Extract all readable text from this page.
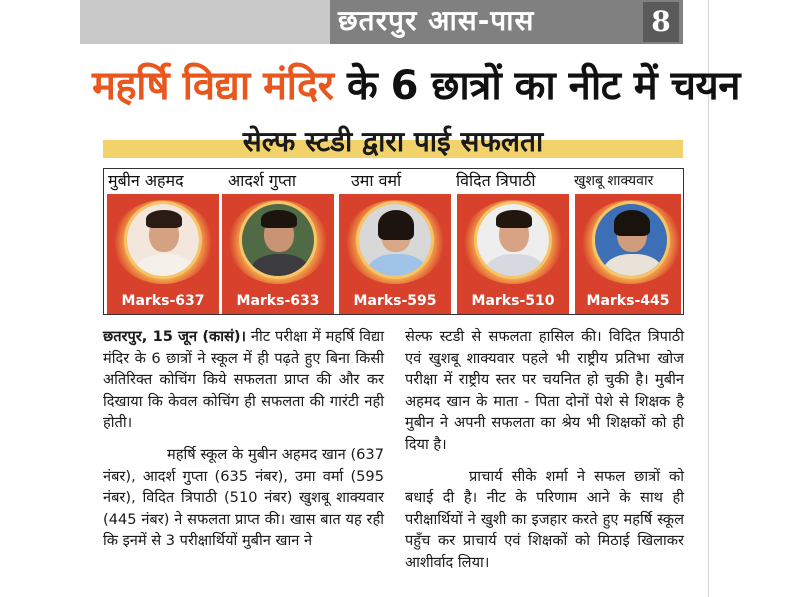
छतरपुर आस-पास	8
महर्षि विद्या मंदिर के 6 छात्रों का नीट में चयन
सेल्फ स्टडी द्वारा पाई सफलता
मुबीन अहमद	आदर्श गुप्ता	उमा वर्मा	विदित त्रिपाठी	खुशबू शाक्यवार
Marks-637	Marks-633	Marks-595	Marks-510	Marks-445

छतरपुर, 15 जून (कासं)। नीट परीक्षा में महर्षि विद्या मंदिर के 6 छात्रों ने स्कूल में ही पढ़ते हुए बिना किसी अतिरिक्त कोचिंग किये सफलता प्राप्त की और कर दिखाया कि केवल कोचिंग ही सफलता की गारंटी नही होती।

महर्षि स्कूल के मुबीन अहमद खान (637 नंबर), आदर्श गुप्ता (635 नंबर), उमा वर्मा (595 नंबर), विदित त्रिपाठी (510 नंबर) खुशबू शाक्यवार (445 नंबर) ने सफलता प्राप्त की। खास बात यह रही कि इनमें से 3 परीक्षार्थियों मुबीन खान ने

सेल्फ स्टडी से सफलता हासिल की। विदित त्रिपाठी एवं खुशबू शाक्यवार पहले भी राष्ट्रीय प्रतिभा खोज परीक्षा में राष्ट्रीय स्तर पर चयनित हो चुकी है। मुबीन अहमद खान के माता - पिता दोनों पेशे से शिक्षक है मुबीन ने अपनी सफलता का श्रेय भी शिक्षकों को ही दिया है।

प्राचार्य सीके शर्मा ने सफल छात्रों को बधाई दी है। नीट के परिणाम आने के साथ ही परीक्षार्थियों ने खुशी का इजहार करते हुए महर्षि स्कूल पहुँच कर प्राचार्य एवं शिक्षकों को मिठाई खिलाकर आशीर्वाद लिया।
